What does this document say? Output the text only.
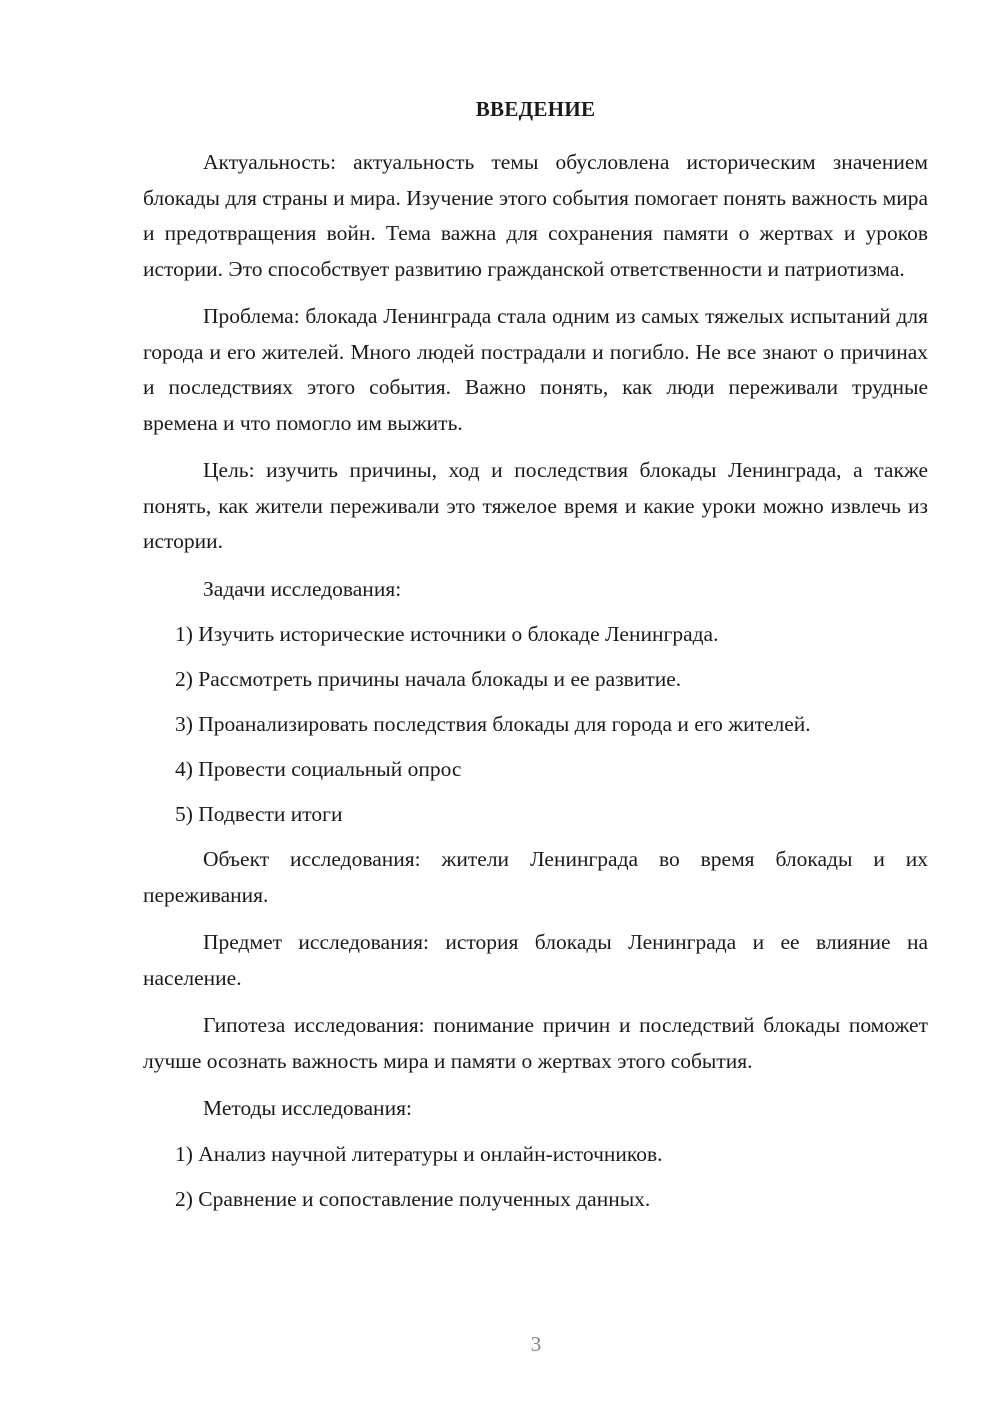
ВВЕДЕНИЕ

Актуальность: актуальность темы обусловлена историческим значением блокады для страны и мира. Изучение этого события помогает понять важность мира и предотвращения войн. Тема важна для сохранения памяти о жертвах и уроков истории. Это способствует развитию гражданской ответственности и патриотизма.

Проблема: блокада Ленинграда стала одним из самых тяжелых испытаний для города и его жителей. Много людей пострадали и погибло. Не все знают о причинах и последствиях этого события. Важно понять, как люди переживали трудные времена и что помогло им выжить.

Цель: изучить причины, ход и последствия блокады Ленинграда, а также понять, как жители переживали это тяжелое время и какие уроки можно извлечь из истории.

Задачи исследования:

1) Изучить исторические источники о блокаде Ленинграда.
2) Рассмотреть причины начала блокады и ее развитие.
3) Проанализировать последствия блокады для города и его жителей.
4) Провести социальный опрос
5) Подвести итоги

Объект исследования: жители Ленинграда во время блокады и их переживания.

Предмет исследования: история блокады Ленинграда и ее влияние на население.

Гипотеза исследования: понимание причин и последствий блокады поможет лучше осознать важность мира и памяти о жертвах этого события.

Методы исследования:

1) Анализ научной литературы и онлайн-источников.
2) Сравнение и сопоставление полученных данных.
3
